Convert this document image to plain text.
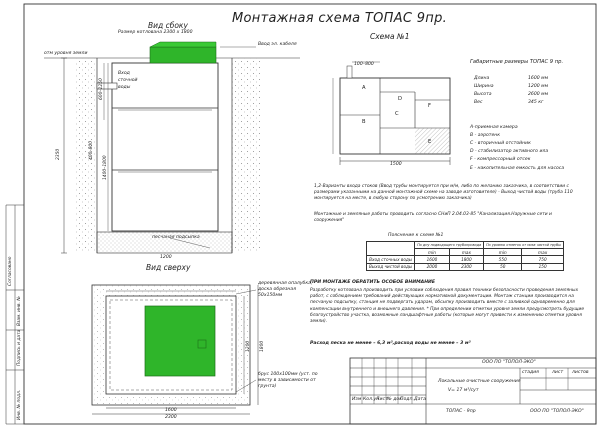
Монтажная схема ТОПАС 9пр.
Вид сбоку
Размер котлована 2300 х 1800
Ввод эл. кабеля
отм уровня земли
Вход
сточной
воды
песчаная подсыпка
2350
600–1250
1400–1800
400–800
1200
Вид сверху
деревянная опалубка, доска обрезная 50х150мм
брус 100х100мм (уст. по месту в зависимости от грунта)
2300
1600
1800
1200
Схема №1
100–800
1500
A
B
C
D
E
F
Габаритные размеры ТОПАС 9 пр.
Длина	1600 мм
Ширина	1200 мм
Высота	2600 мм
Вес	345 кг
А-приемная камера
В - аэротенк
С - вторичный отстойник
D - стабилизатор активного ила
F - компрессорный отсек
Е - накопительная емкость для насоса
1,2-Варианты входа стоков (Ввод трубы монтируется при м/м, либо по желанию заказчика, в соответствии с размерами указанными на данной монтажной схеме на заводе изготовителе) - Выход чистой воды (труба 110 монтируется на месте, в любую сторону по усмотрению заказчика)
Монтажные и земляные работы проводить согласно СНиП 2.04.03-85 "Канализация.Наружные сети и сооружения"
Пояснение к схеме №1
	По дну подводящего трубопровода		По уровню отметок от низа чистой трубы	
	min	max	min	max
Вход сточных воды	1600	1800	550	750
Выход чистой воды	2000	2300	50	150
ПРИ МОНТАЖЕ ОБРАТИТЬ ОСОБОЕ ВНИМАНИЕ
Разработку котлована производить при условии соблюдения правил техники безопасности проведения земляных работ, с соблюдением требований действующих нормативной документации. Монтаж станции производится на песчаную подсыпку, станция не подвергать ударам, обсыпку производить вместе с заливкой одновременно для компенсации внутреннего и внешнего давления. * При определении отметки уровня земли предусмотреть будущие благоустройство участка, возможные ландшафтные работы (которые могут привести к изменению отметки уровня земли).
Расход песка не менее – 6,3 м³,расход воды не менее – 3 м³
ООО ПО "ТОПОЛ-ЭКО"
Изм Кол.уч
Лист № док
Подп. Дата
Локальные очистные сооружения
V= 17 м³/сут
стадия	лист листов
ТОПАС - 9пр	ООО ПО "ТОПОЛ-ЭКО"
Инв. № подл.
Подпись и дата
Взам. инв. №
Согласовано
